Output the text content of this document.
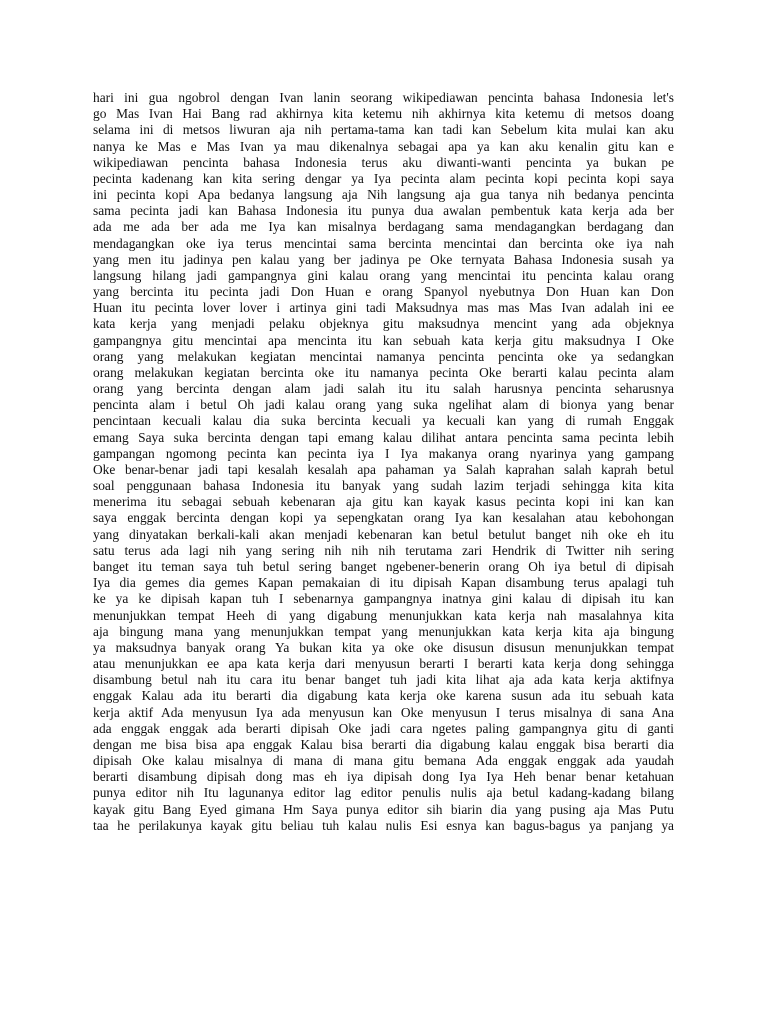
hari ini gua ngobrol dengan Ivan lanin seorang wikipediawan pencinta bahasa Indonesia let's
go Mas Ivan Hai Bang rad akhirnya kita ketemu nih akhirnya kita ketemu di metsos doang
selama ini di metsos liwuran aja nih pertama-tama kan tadi kan Sebelum kita mulai kan aku
nanya ke Mas e Mas Ivan ya mau dikenalnya sebagai apa ya kan aku kenalin gitu kan e
wikipediawan pencinta bahasa Indonesia terus aku diwanti-wanti pencinta ya bukan pe
pecinta kadenang kan kita sering dengar ya Iya pecinta alam pecinta kopi pecinta kopi saya
ini pecinta kopi Apa bedanya langsung aja Nih langsung aja gua tanya nih bedanya pencinta
sama pecinta jadi kan Bahasa Indonesia itu punya dua awalan pembentuk kata kerja ada ber
ada me ada ber ada me Iya kan misalnya berdagang sama mendagangkan berdagang dan
mendagangkan oke iya terus mencintai sama bercinta mencintai dan bercinta oke iya nah
yang men itu jadinya pen kalau yang ber jadinya pe Oke ternyata Bahasa Indonesia susah ya
langsung hilang jadi gampangnya gini kalau orang yang mencintai itu pencinta kalau orang
yang bercinta itu pecinta jadi Don Huan e orang Spanyol nyebutnya Don Huan kan Don
Huan itu pecinta lover lover i artinya gini tadi Maksudnya mas mas Mas Ivan adalah ini ee
kata kerja yang menjadi pelaku objeknya gitu maksudnya mencint yang ada objeknya
gampangnya gitu mencintai apa mencinta itu kan sebuah kata kerja gitu maksudnya I Oke
orang yang melakukan kegiatan mencintai namanya pencinta pencinta oke ya sedangkan
orang melakukan kegiatan bercinta oke itu namanya pecinta Oke berarti kalau pecinta alam
orang yang bercinta dengan alam jadi salah itu itu salah harusnya pencinta seharusnya
pencinta alam i betul Oh jadi kalau orang yang suka ngelihat alam di bionya yang benar
pencintaan kecuali kalau dia suka bercinta kecuali ya kecuali kan yang di rumah Enggak
emang Saya suka bercinta dengan tapi emang kalau dilihat antara pencinta sama pecinta lebih
gampangan ngomong pecinta kan pecinta iya I Iya makanya orang nyarinya yang gampang
Oke benar-benar jadi tapi kesalah kesalah apa pahaman ya Salah kaprahan salah kaprah betul
soal penggunaan bahasa Indonesia itu banyak yang sudah lazim terjadi sehingga kita kita
menerima itu sebagai sebuah kebenaran aja gitu kan kayak kasus pecinta kopi ini kan kan
saya enggak bercinta dengan kopi ya sepengkatan orang Iya kan kesalahan atau kebohongan
yang dinyatakan berkali-kali akan menjadi kebenaran kan betul betulut banget nih oke eh itu
satu terus ada lagi nih yang sering nih nih nih terutama zari Hendrik di Twitter nih sering
banget itu teman saya tuh betul sering banget ngebener-benerin orang Oh iya betul di dipisah
Iya dia gemes dia gemes Kapan pemakaian di itu dipisah Kapan disambung terus apalagi tuh
ke ya ke dipisah kapan tuh I sebenarnya gampangnya inatnya gini kalau di dipisah itu kan
menunjukkan tempat Heeh di yang digabung menunjukkan kata kerja nah masalahnya kita
aja bingung mana yang menunjukkan tempat yang menunjukkan kata kerja kita aja bingung
ya maksudnya banyak orang Ya bukan kita ya oke oke disusun disusun menunjukkan tempat
atau menunjukkan ee apa kata kerja dari menyusun berarti I berarti kata kerja dong sehingga
disambung betul nah itu cara itu benar banget tuh jadi kita lihat aja ada kata kerja aktifnya
enggak Kalau ada itu berarti dia digabung kata kerja oke karena susun ada itu sebuah kata
kerja aktif Ada menyusun Iya ada menyusun kan Oke menyusun I terus misalnya di sana Ana
ada enggak enggak ada berarti dipisah Oke jadi cara ngetes paling gampangnya gitu di ganti
dengan me bisa bisa apa enggak Kalau bisa berarti dia digabung kalau enggak bisa berarti dia
dipisah Oke kalau misalnya di mana di mana gitu bemana Ada enggak enggak ada yaudah
berarti disambung dipisah dong mas eh iya dipisah dong Iya Iya Heh benar benar ketahuan
punya editor nih Itu lagunanya editor lag editor penulis nulis aja betul kadang-kadang bilang
kayak gitu Bang Eyed gimana Hm Saya punya editor sih biarin dia yang pusing aja Mas Putu
taa he perilakunya kayak gitu beliau tuh kalau nulis Esi esnya kan bagus-bagus ya panjang ya
